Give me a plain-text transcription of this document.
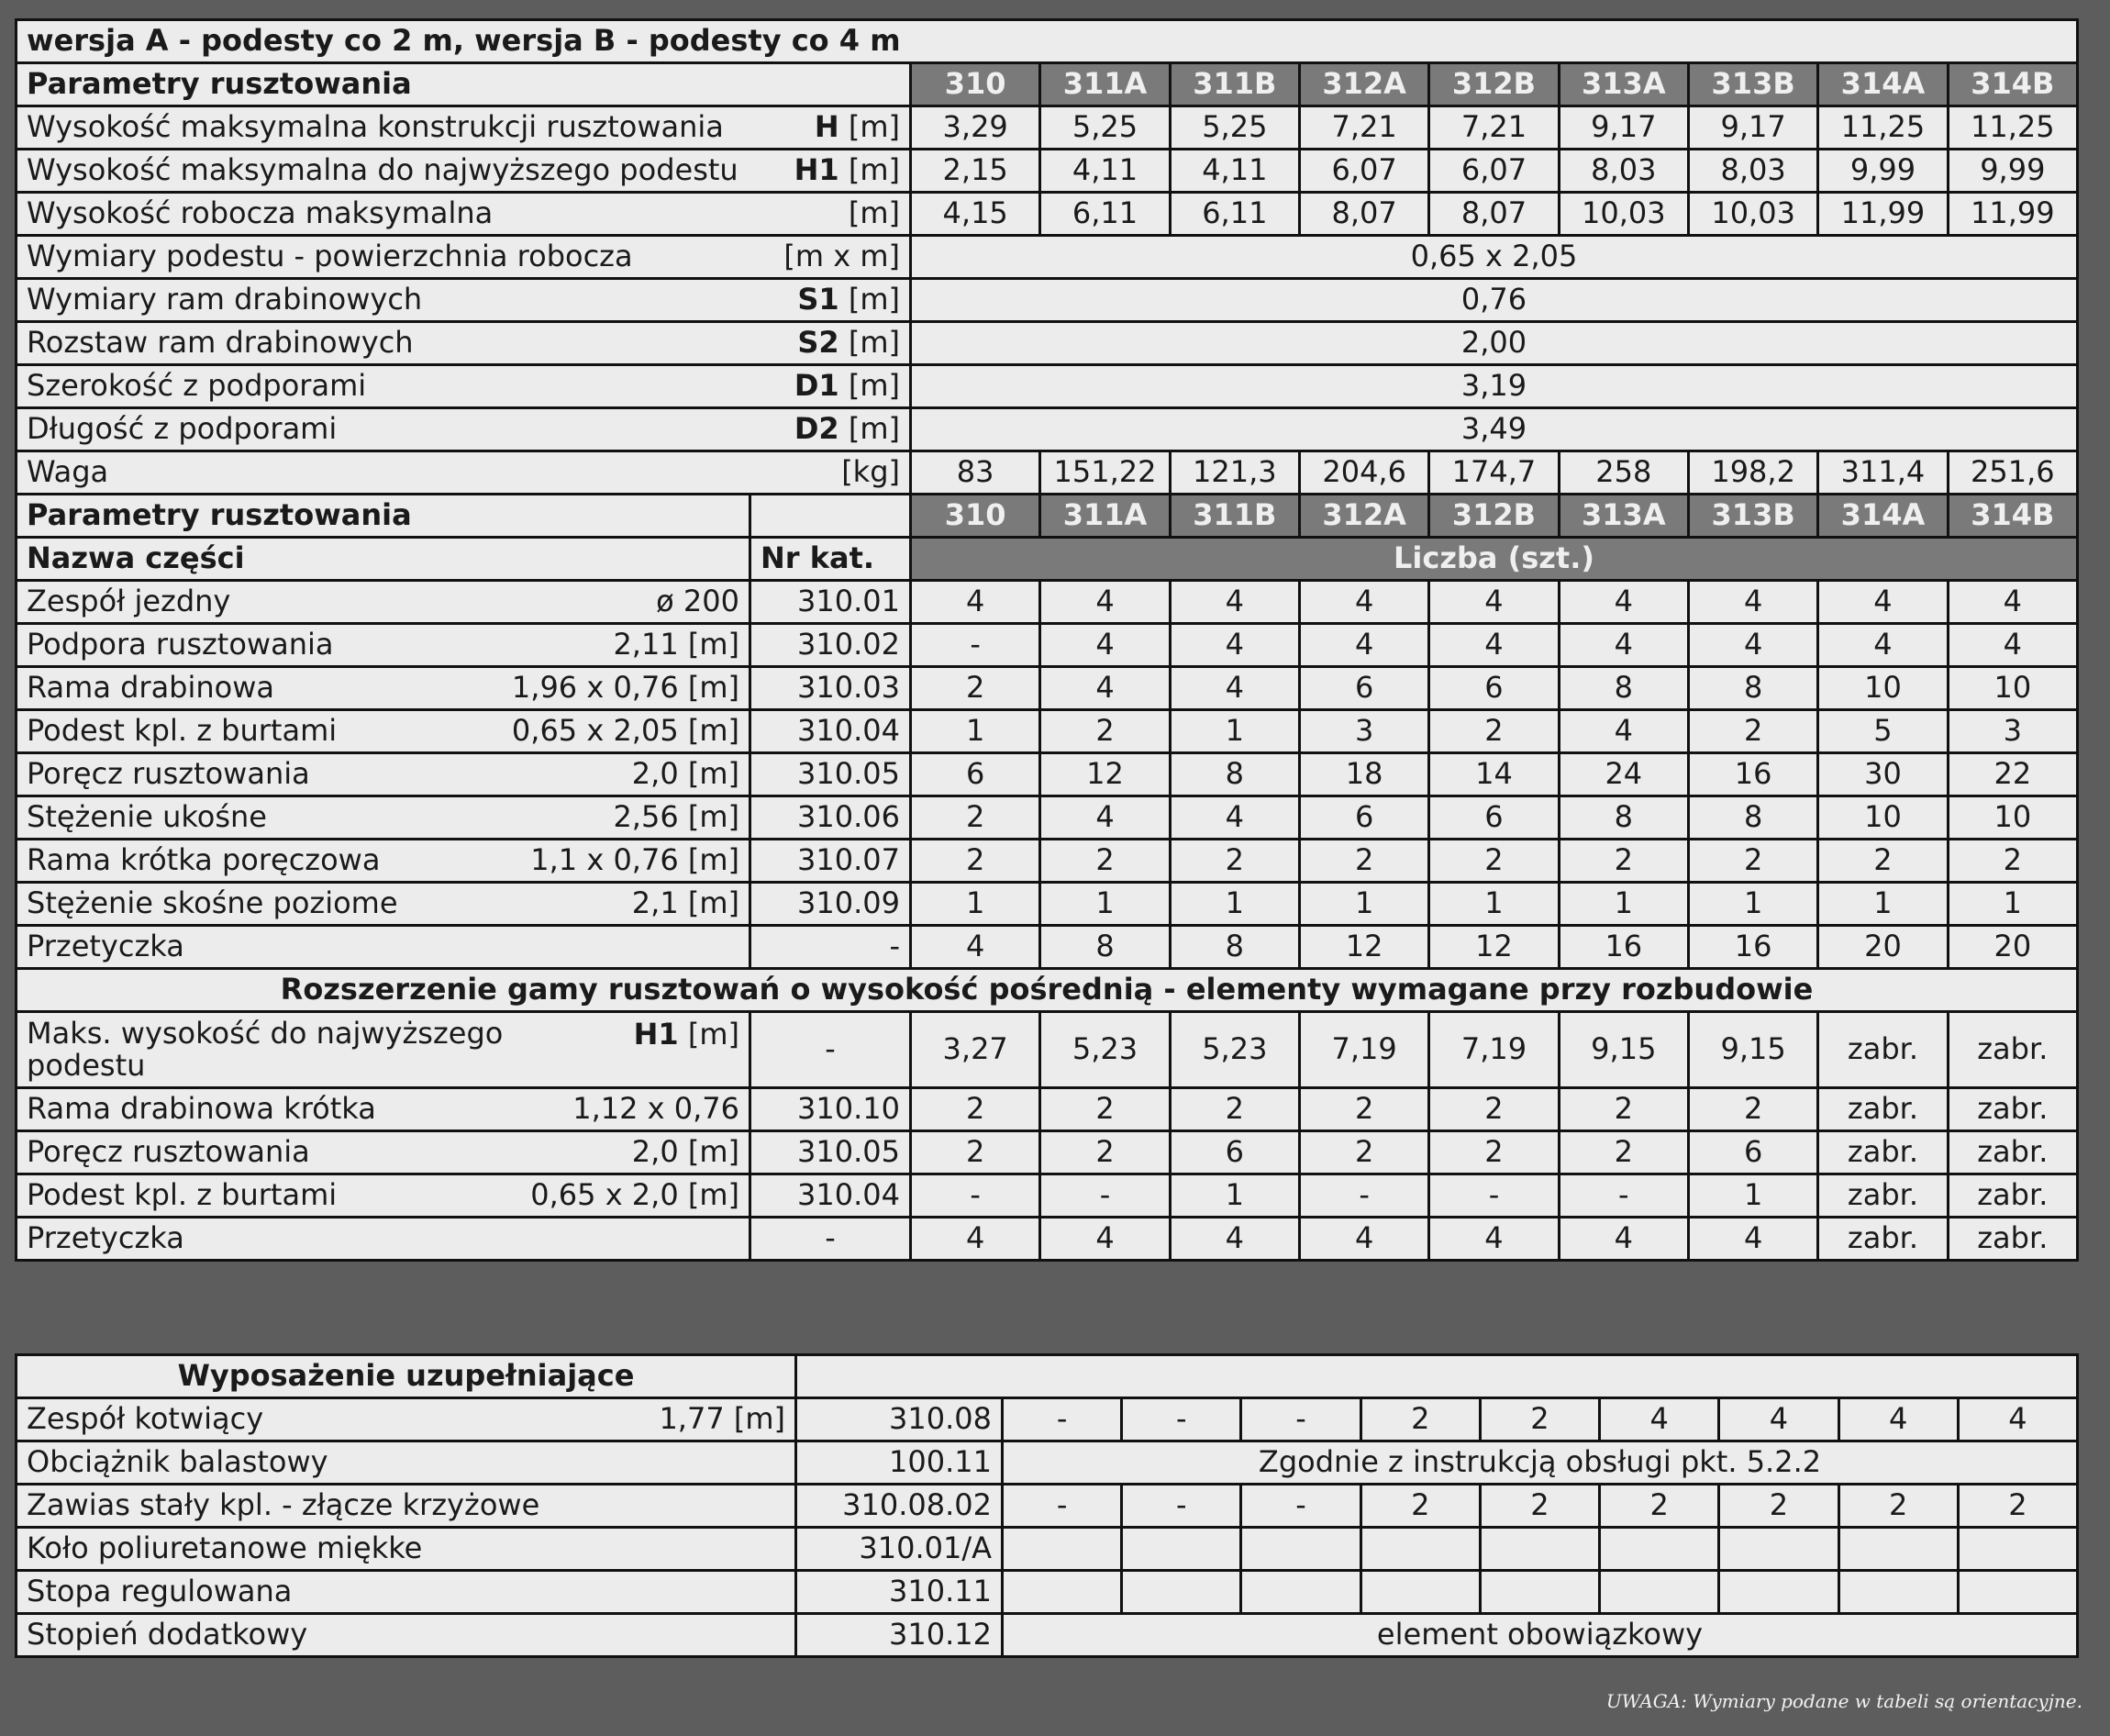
wersja A - podesty co 2 m, wersja B - podesty co 4 m										
Parametry rusztowania		310	311A	311B	312A	312B	313A	313B	314A	314B
Wysokość maksymalna konstrukcji rusztowania H [m]		3,29	5,25	5,25	7,21	7,21	9,17	9,17	11,25	11,25
Wysokość maksymalna do najwyższego podestu H1 [m]		2,15	4,11	4,11	6,07	6,07	8,03	8,03	9,99	9,99
Wysokość robocza maksymalna [m]		4,15	6,11	6,11	8,07	8,07	10,03	10,03	11,99	11,99
Wymiary podestu - powierzchnia robocza [m x m]		0,65 x 2,05								
Wymiary ram drabinowych S1 [m]		0,76								
Rozstaw ram drabinowych S2 [m]		2,00								
Szerokość z podporami D1 [m]		3,19								
Długość z podporami D2 [m]		3,49								
Waga [kg]		83	151,22	121,3	204,6	174,7	258	198,2	311,4	251,6
Parametry rusztowania		310	311A	311B	312A	312B	313A	313B	314A	314B
Nazwa części	Nr kat.	Liczba (szt.)								
Zespół jezdny ø 200	310.01	4	4	4	4	4	4	4	4	4
Podpora rusztowania 2,11 [m]	310.02	-	4	4	4	4	4	4	4	4
Rama drabinowa 1,96 x 0,76 [m]	310.03	2	4	4	6	6	8	8	10	10
Podest kpl. z burtami 0,65 x 2,05 [m]	310.04	1	2	1	3	2	4	2	5	3
Poręcz rusztowania 2,0 [m]	310.05	6	12	8	18	14	24	16	30	22
Stężenie ukośne 2,56 [m]	310.06	2	4	4	6	6	8	8	10	10
Rama krótka poręczowa 1,1 x 0,76 [m]	310.07	2	2	2	2	2	2	2	2	2
Stężenie skośne poziome 2,1 [m]	310.09	1	1	1	1	1	1	1	1	1
Przetyczka	-	4	8	8	12	12	16	16	20	20
Rozszerzenie gamy rusztowań o wysokość pośrednią - elementy wymagane przy rozbudowie										
Maks. wysokość do najwyższego podestu
H1 [m]	-	3,27	5,23	5,23	7,19	7,19	9,15	9,15	zabr.	zabr.
Rama drabinowa krótka 1,12 x 0,76	310.10	2	2	2	2	2	2	2	zabr.	zabr.
Poręcz rusztowania 2,0 [m]	310.05	2	2	6	2	2	2	6	zabr.	zabr.
Podest kpl. z burtami 0,65 x 2,0 [m]	310.04	-	-	1	-	-	-	1	zabr.	zabr.
Przetyczka	-	4	4	4	4	4	4	4	zabr.	zabr.
Wyposażenie uzupełniające										
Zespół kotwiący 1,77 [m]	310.08	-	-	-	2	2	4	4	4	4
Obciążnik balastowy	100.11	Zgodnie z instrukcją obsługi pkt. 5.2.2								
Zawias stały kpl. - złącze krzyżowe	310.08.02	-	-	-	2	2	2	2	2	2
Koło poliuretanowe miękke	310.01/A									
Stopa regulowana	310.11									
Stopień dodatkowy	310.12	element obowiązkowy								
UWAGA: Wymiary podane w tabeli są orientacyjne.
